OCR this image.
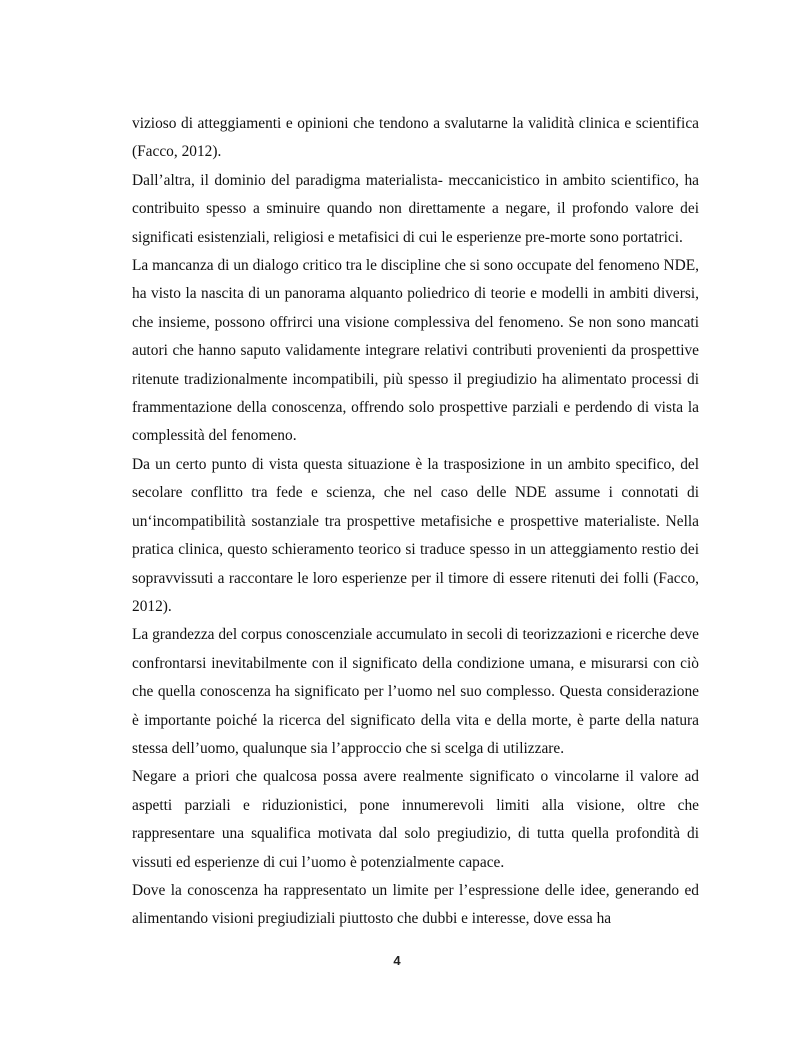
vizioso di atteggiamenti e opinioni che tendono a svalutarne la validità clinica e scientifica (Facco, 2012).

Dall’altra, il dominio del paradigma materialista- meccanicistico in ambito scientifico, ha contribuito spesso a sminuire quando non direttamente a negare, il profondo valore dei significati esistenziali, religiosi e metafisici di cui le esperienze pre-morte sono portatrici.

La mancanza di un dialogo critico tra le discipline che si sono occupate del fenomeno NDE, ha visto la nascita di un panorama alquanto poliedrico di teorie e modelli in ambiti diversi, che insieme, possono offrirci una visione complessiva del fenomeno. Se non sono mancati autori che hanno saputo validamente integrare relativi contributi provenienti da prospettive ritenute tradizionalmente incompatibili, più spesso il pregiudizio ha alimentato processi di frammentazione della conoscenza, offrendo solo prospettive parziali e perdendo di vista la complessità del fenomeno.

Da un certo punto di vista questa situazione è la trasposizione in un ambito specifico, del secolare conflitto tra fede e scienza, che nel caso delle NDE assume i connotati di un‘incompatibilità sostanziale tra prospettive metafisiche e prospettive materialiste. Nella pratica clinica, questo schieramento teorico si traduce spesso in un atteggiamento restio dei sopravvissuti a raccontare le loro esperienze per il timore di essere ritenuti dei folli (Facco, 2012).

La grandezza del corpus conoscenziale accumulato in secoli di teorizzazioni e ricerche deve confrontarsi inevitabilmente con il significato della condizione umana, e misurarsi con ciò che quella conoscenza ha significato per l’uomo nel suo complesso. Questa considerazione è importante poiché la ricerca del significato della vita e della morte, è parte della natura stessa dell’uomo, qualunque sia l’approccio che si scelga di utilizzare.

Negare a priori che qualcosa possa avere realmente significato o vincolarne il valore ad aspetti parziali e riduzionistici, pone innumerevoli limiti alla visione, oltre che rappresentare una squalifica motivata dal solo pregiudizio, di tutta quella profondità di vissuti ed esperienze di cui l’uomo è potenzialmente capace.

Dove la conoscenza ha rappresentato un limite per l’espressione delle idee, generando ed alimentando visioni pregiudiziali piuttosto che dubbi e interesse, dove essa ha

4
